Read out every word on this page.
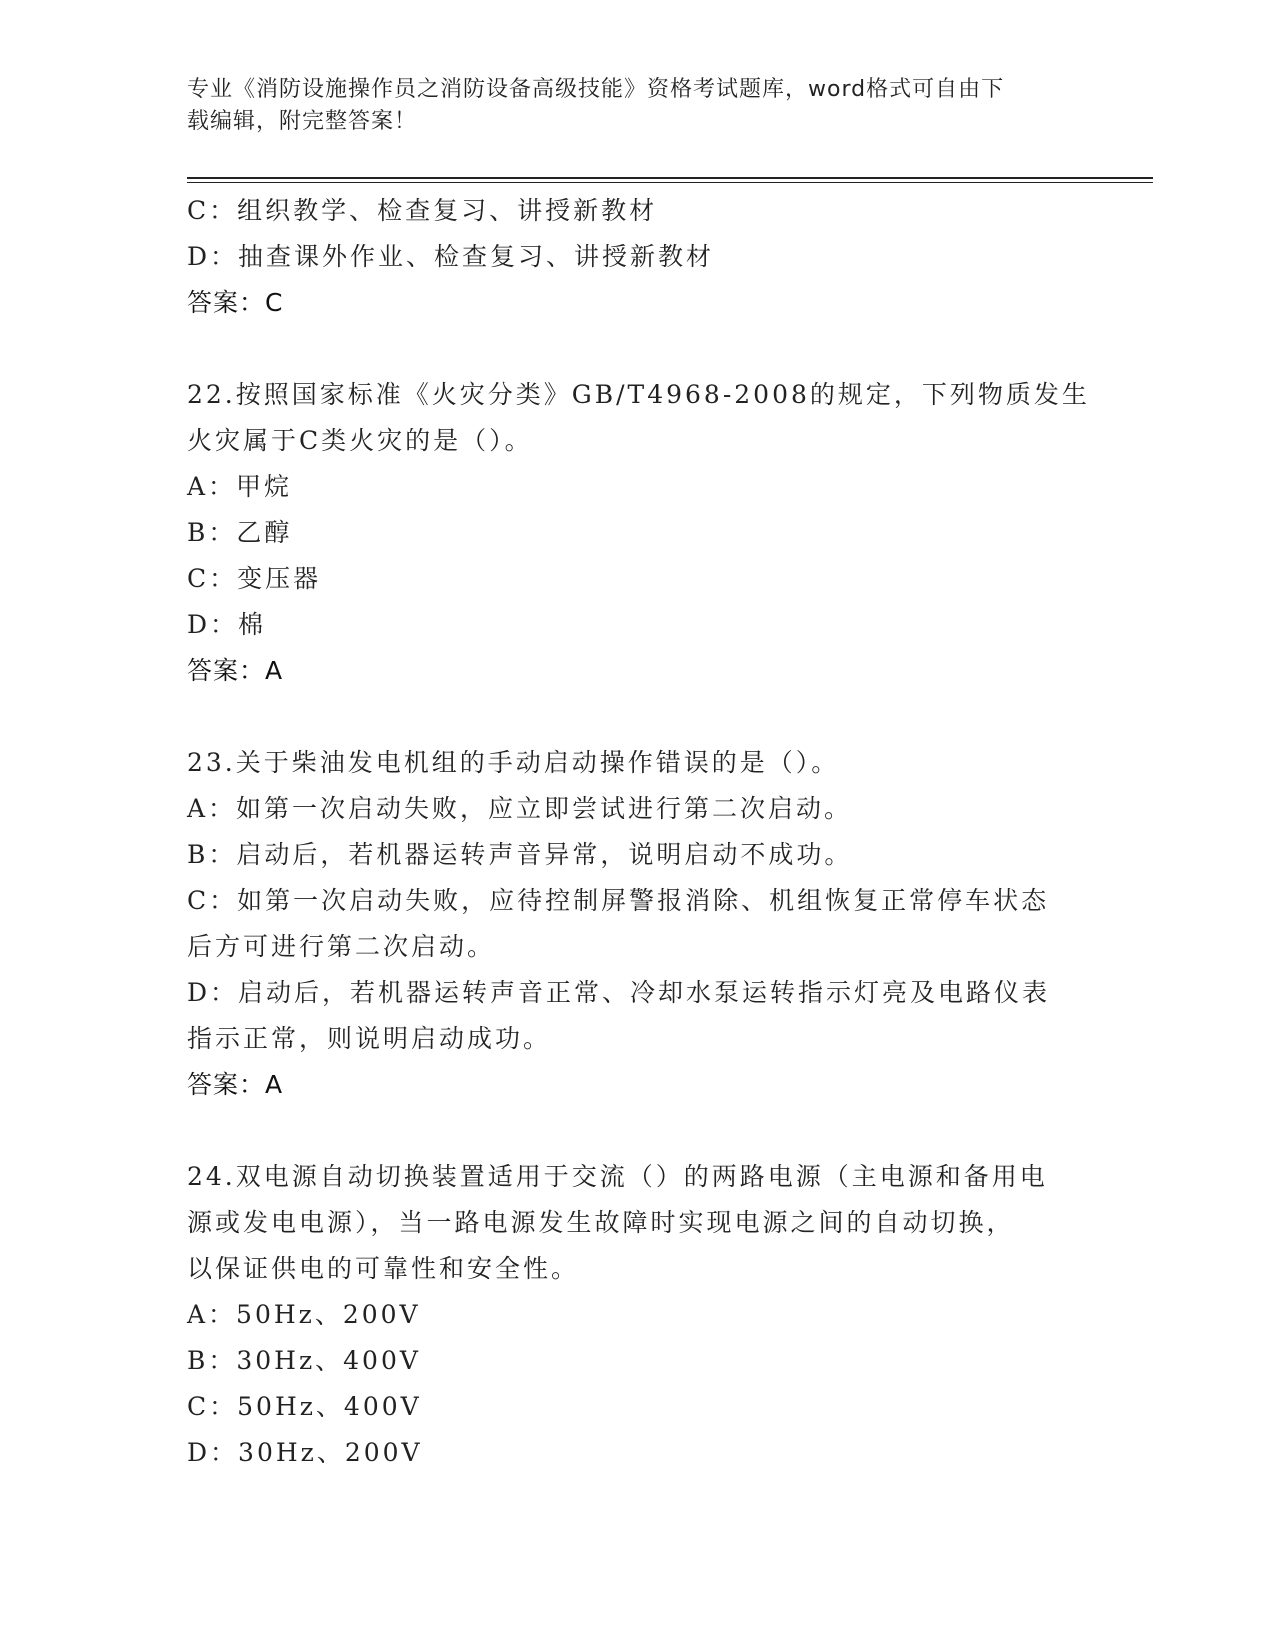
专业《消防设施操作员之消防设备高级技能》资格考试题库，word格式可自由下
载编辑，附完整答案！
C：组织教学、检查复习、讲授新教材
D：抽查课外作业、检查复习、讲授新教材
答案：C
22.按照国家标准《火灾分类》GB/T4968-2008的规定，下列物质发生
火灾属于C类火灾的是（）。
A：甲烷
B：乙醇
C：变压器
D：棉
答案：A
23.关于柴油发电机组的手动启动操作错误的是（）。
A：如第一次启动失败，应立即尝试进行第二次启动。
B：启动后，若机器运转声音异常，说明启动不成功。
C：如第一次启动失败，应待控制屏警报消除、机组恢复正常停车状态
后方可进行第二次启动。
D：启动后，若机器运转声音正常、冷却水泵运转指示灯亮及电路仪表
指示正常，则说明启动成功。
答案：A
24.双电源自动切换装置适用于交流（）的两路电源（主电源和备用电
源或发电电源），当一路电源发生故障时实现电源之间的自动切换，
以保证供电的可靠性和安全性。
A：50Hz、200V
B：30Hz、400V
C：50Hz、400V
D：30Hz、200V
